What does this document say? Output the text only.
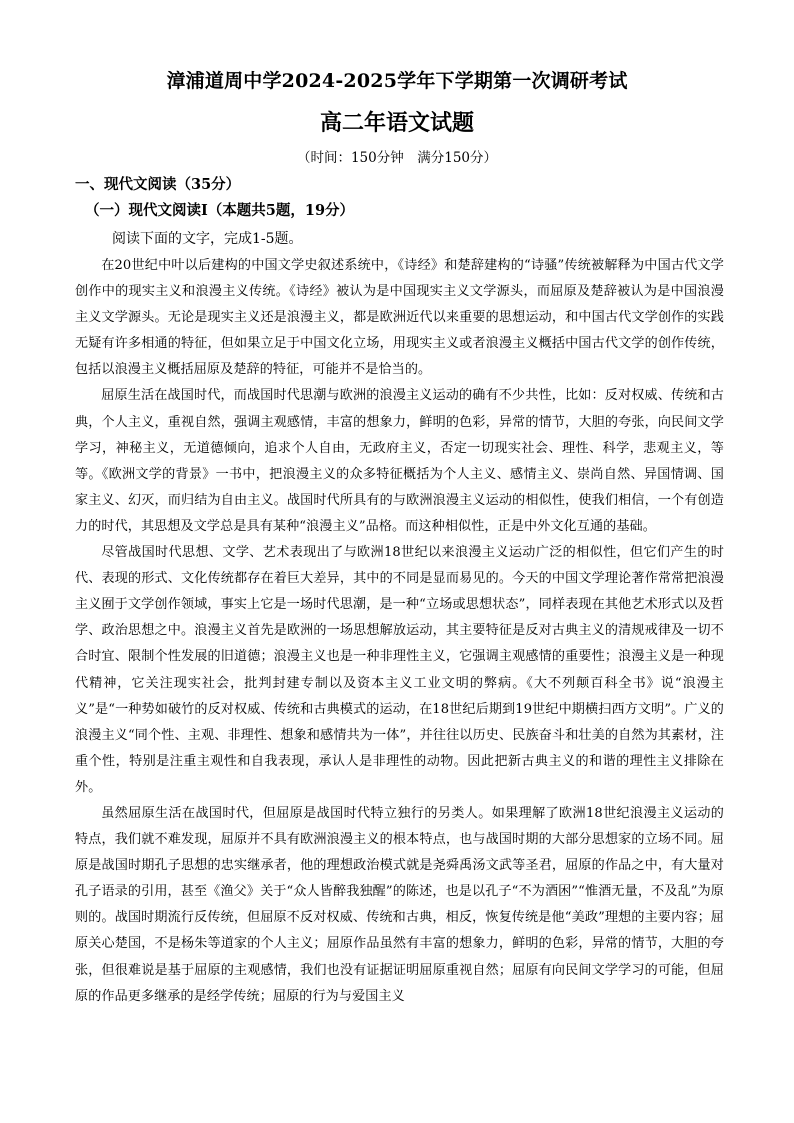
漳浦道周中学2024-2025学年下学期第一次调研考试
高二年语文试题
（时间：150分钟　满分150分）
一、现代文阅读（35分）
（一）现代文阅读Ⅰ（本题共5题，19分）
阅读下面的文字，完成1-5题。

在20世纪中叶以后建构的中国文学史叙述系统中，《诗经》和楚辞建构的“诗骚”传统被解释为中国古代文学创作中的现实主义和浪漫主义传统。《诗经》被认为是中国现实主义文学源头，而屈原及楚辞被认为是中国浪漫主义文学源头。无论是现实主义还是浪漫主义，都是欧洲近代以来重要的思想运动，和中国古代文学创作的实践无疑有许多相通的特征，但如果立足于中国文化立场，用现实主义或者浪漫主义概括中国古代文学的创作传统，包括以浪漫主义概括屈原及楚辞的特征，可能并不是恰当的。

屈原生活在战国时代，而战国时代思潮与欧洲的浪漫主义运动的确有不少共性，比如：反对权威、传统和古典，个人主义，重视自然，强调主观感情，丰富的想象力，鲜明的色彩，异常的情节，大胆的夸张，向民间文学学习，神秘主义，无道德倾向，追求个人自由，无政府主义，否定一切现实社会、理性、科学，悲观主义，等等。《欧洲文学的背景》一书中，把浪漫主义的众多特征概括为个人主义、感情主义、崇尚自然、异国情调、国家主义、幻灭，而归结为自由主义。战国时代所具有的与欧洲浪漫主义运动的相似性，使我们相信，一个有创造力的时代，其思想及文学总是具有某种“浪漫主义”品格。而这种相似性，正是中外文化互通的基础。

尽管战国时代思想、文学、艺术表现出了与欧洲18世纪以来浪漫主义运动广泛的相似性，但它们产生的时代、表现的形式、文化传统都存在着巨大差异，其中的不同是显而易见的。今天的中国文学理论著作常常把浪漫主义囿于文学创作领域，事实上它是一场时代思潮，是一种“立场或思想状态”，同样表现在其他艺术形式以及哲学、政治思想之中。浪漫主义首先是欧洲的一场思想解放运动，其主要特征是反对古典主义的清规戒律及一切不合时宜、限制个性发展的旧道德；浪漫主义也是一种非理性主义，它强调主观感情的重要性；浪漫主义是一种现代精神，它关注现实社会，批判封建专制以及资本主义工业文明的弊病。《大不列颠百科全书》说“浪漫主义”是“一种势如破竹的反对权威、传统和古典模式的运动，在18世纪后期到19世纪中期横扫西方文明”。广义的浪漫主义“同个性、主观、非理性、想象和感情共为一体”，并往往以历史、民族奋斗和壮美的自然为其素材，注重个性，特别是注重主观性和自我表现，承认人是非理性的动物。因此把新古典主义的和谐的理性主义排除在外。

虽然屈原生活在战国时代，但屈原是战国时代特立独行的另类人。如果理解了欧洲18世纪浪漫主义运动的特点，我们就不难发现，屈原并不具有欧洲浪漫主义的根本特点，也与战国时期的大部分思想家的立场不同。屈原是战国时期孔子思想的忠实继承者，他的理想政治模式就是尧舜禹汤文武等圣君，屈原的作品之中，有大量对孔子语录的引用，甚至《渔父》关于“众人皆醉我独醒”的陈述，也是以孔子“不为酒困”“惟酒无量，不及乱”为原则的。战国时期流行反传统，但屈原不反对权威、传统和古典，相反，恢复传统是他“美政”理想的主要内容；屈原关心楚国，不是杨朱等道家的个人主义；屈原作品虽然有丰富的想象力，鲜明的色彩，异常的情节，大胆的夸张，但很难说是基于屈原的主观感情，我们也没有证据证明屈原重视自然；屈原有向民间文学学习的可能，但屈原的作品更多继承的是经学传统；屈原的行为与爱国主义
